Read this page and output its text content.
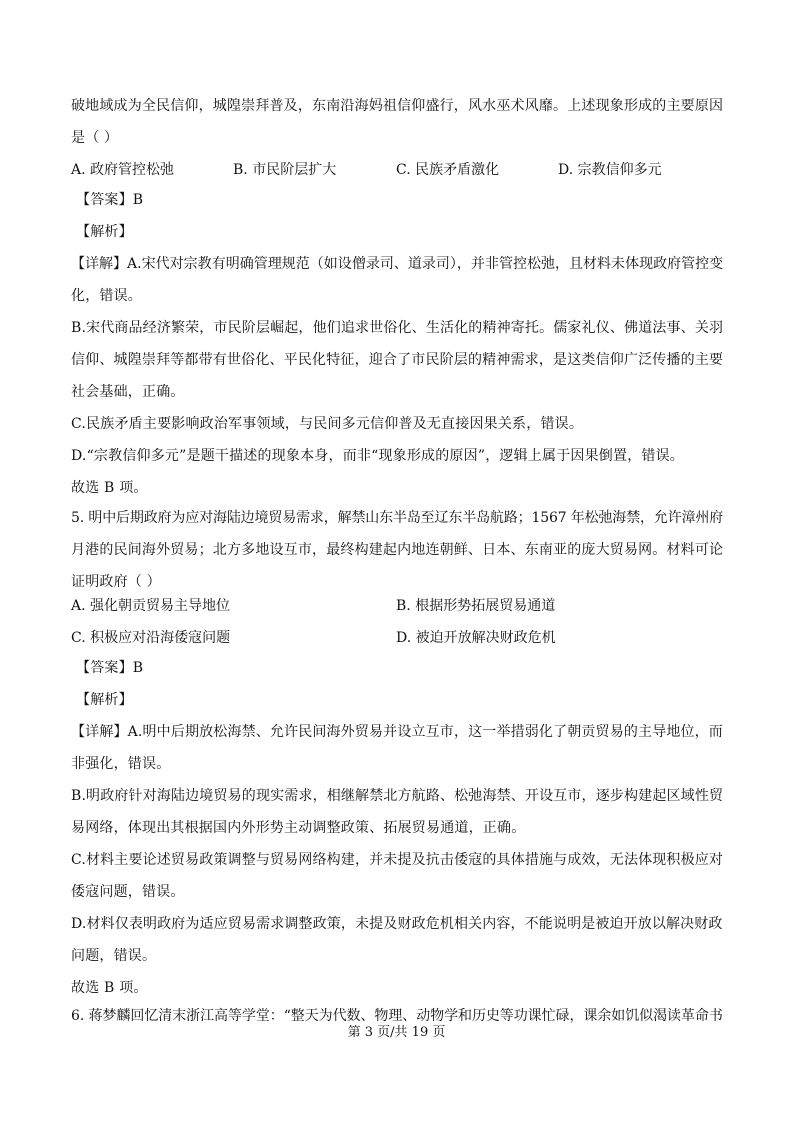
破地域成为全民信仰，城隍崇拜普及，东南沿海妈祖信仰盛行，风水巫术风靡。上述现象形成的主要原因
是（ ）
A. 政府管控松弛	B. 市民阶层扩大	C. 民族矛盾激化	D. 宗教信仰多元
【答案】B
【解析】
【详解】A.宋代对宗教有明确管理规范（如设僧录司、道录司），并非管控松弛，且材料未体现政府管控变
化，错误。
B.宋代商品经济繁荣，市民阶层崛起，他们追求世俗化、生活化的精神寄托。儒家礼仪、佛道法事、关羽
信仰、城隍崇拜等都带有世俗化、平民化特征，迎合了市民阶层的精神需求，是这类信仰广泛传播的主要
社会基础，正确。
C.民族矛盾主要影响政治军事领域，与民间多元信仰普及无直接因果关系，错误。
D.“宗教信仰多元”是题干描述的现象本身，而非“现象形成的原因”，逻辑上属于因果倒置，错误。
故选 B 项。
5. 明中后期政府为应对海陆边境贸易需求，解禁山东半岛至辽东半岛航路；1567 年松弛海禁，允许漳州府
月港的民间海外贸易；北方多地设互市，最终构建起内地连朝鲜、日本、东南亚的庞大贸易网。材料可论
证明政府（ ）
A. 强化朝贡贸易主导地位	B. 根据形势拓展贸易通道
C. 积极应对沿海倭寇问题	D. 被迫开放解决财政危机
【答案】B
【解析】
【详解】A.明中后期放松海禁、允许民间海外贸易并设立互市，这一举措弱化了朝贡贸易的主导地位，而
非强化，错误。
B.明政府针对海陆边境贸易的现实需求，相继解禁北方航路、松弛海禁、开设互市，逐步构建起区域性贸
易网络，体现出其根据国内外形势主动调整政策、拓展贸易通道，正确。
C.材料主要论述贸易政策调整与贸易网络构建，并未提及抗击倭寇的具体措施与成效，无法体现积极应对
倭寇问题，错误。
D.材料仅表明政府为适应贸易需求调整政策，未提及财政危机相关内容，不能说明是被迫开放以解决财政
问题，错误。
故选 B 项。
6. 蒋梦麟回忆清末浙江高等学堂：“整天为代数、物理、动物学和历史等功课忙碌，课余如饥似渴读革命书
第 3 页/共 19 页
